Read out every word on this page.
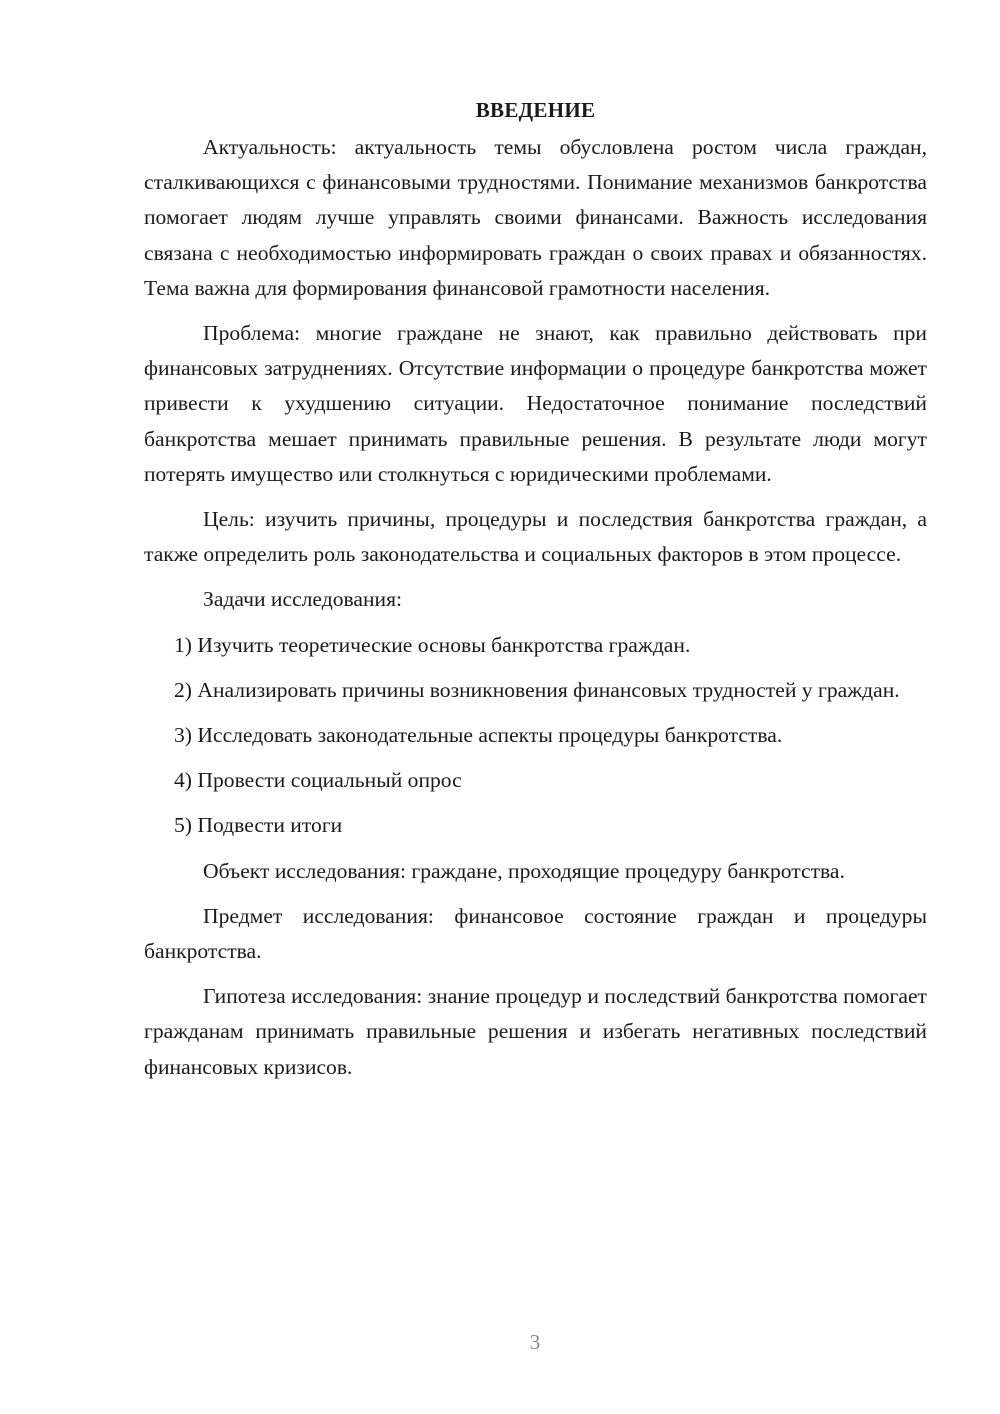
ВВЕДЕНИЕ

Актуальность: актуальность темы обусловлена ростом числа граждан, сталкивающихся с финансовыми трудностями. Понимание механизмов банкротства помогает людям лучше управлять своими финансами. Важность исследования связана с необходимостью информировать граждан о своих правах и обязанностях. Тема важна для формирования финансовой грамотности населения.

Проблема: многие граждане не знают, как правильно действовать при финансовых затруднениях. Отсутствие информации о процедуре банкротства может привести к ухудшению ситуации. Недостаточное понимание последствий банкротства мешает принимать правильные решения. В результате люди могут потерять имущество или столкнуться с юридическими проблемами.

Цель: изучить причины, процедуры и последствия банкротства граждан, а также определить роль законодательства и социальных факторов в этом процессе.

Задачи исследования:

1) Изучить теоретические основы банкротства граждан.

2) Анализировать причины возникновения финансовых трудностей у граждан.

3) Исследовать законодательные аспекты процедуры банкротства.

4) Провести социальный опрос

5) Подвести итоги

Объект исследования: граждане, проходящие процедуру банкротства.

Предмет исследования: финансовое состояние граждан и процедуры банкротства.

Гипотеза исследования: знание процедур и последствий банкротства помогает гражданам принимать правильные решения и избегать негативных последствий финансовых кризисов.

3
